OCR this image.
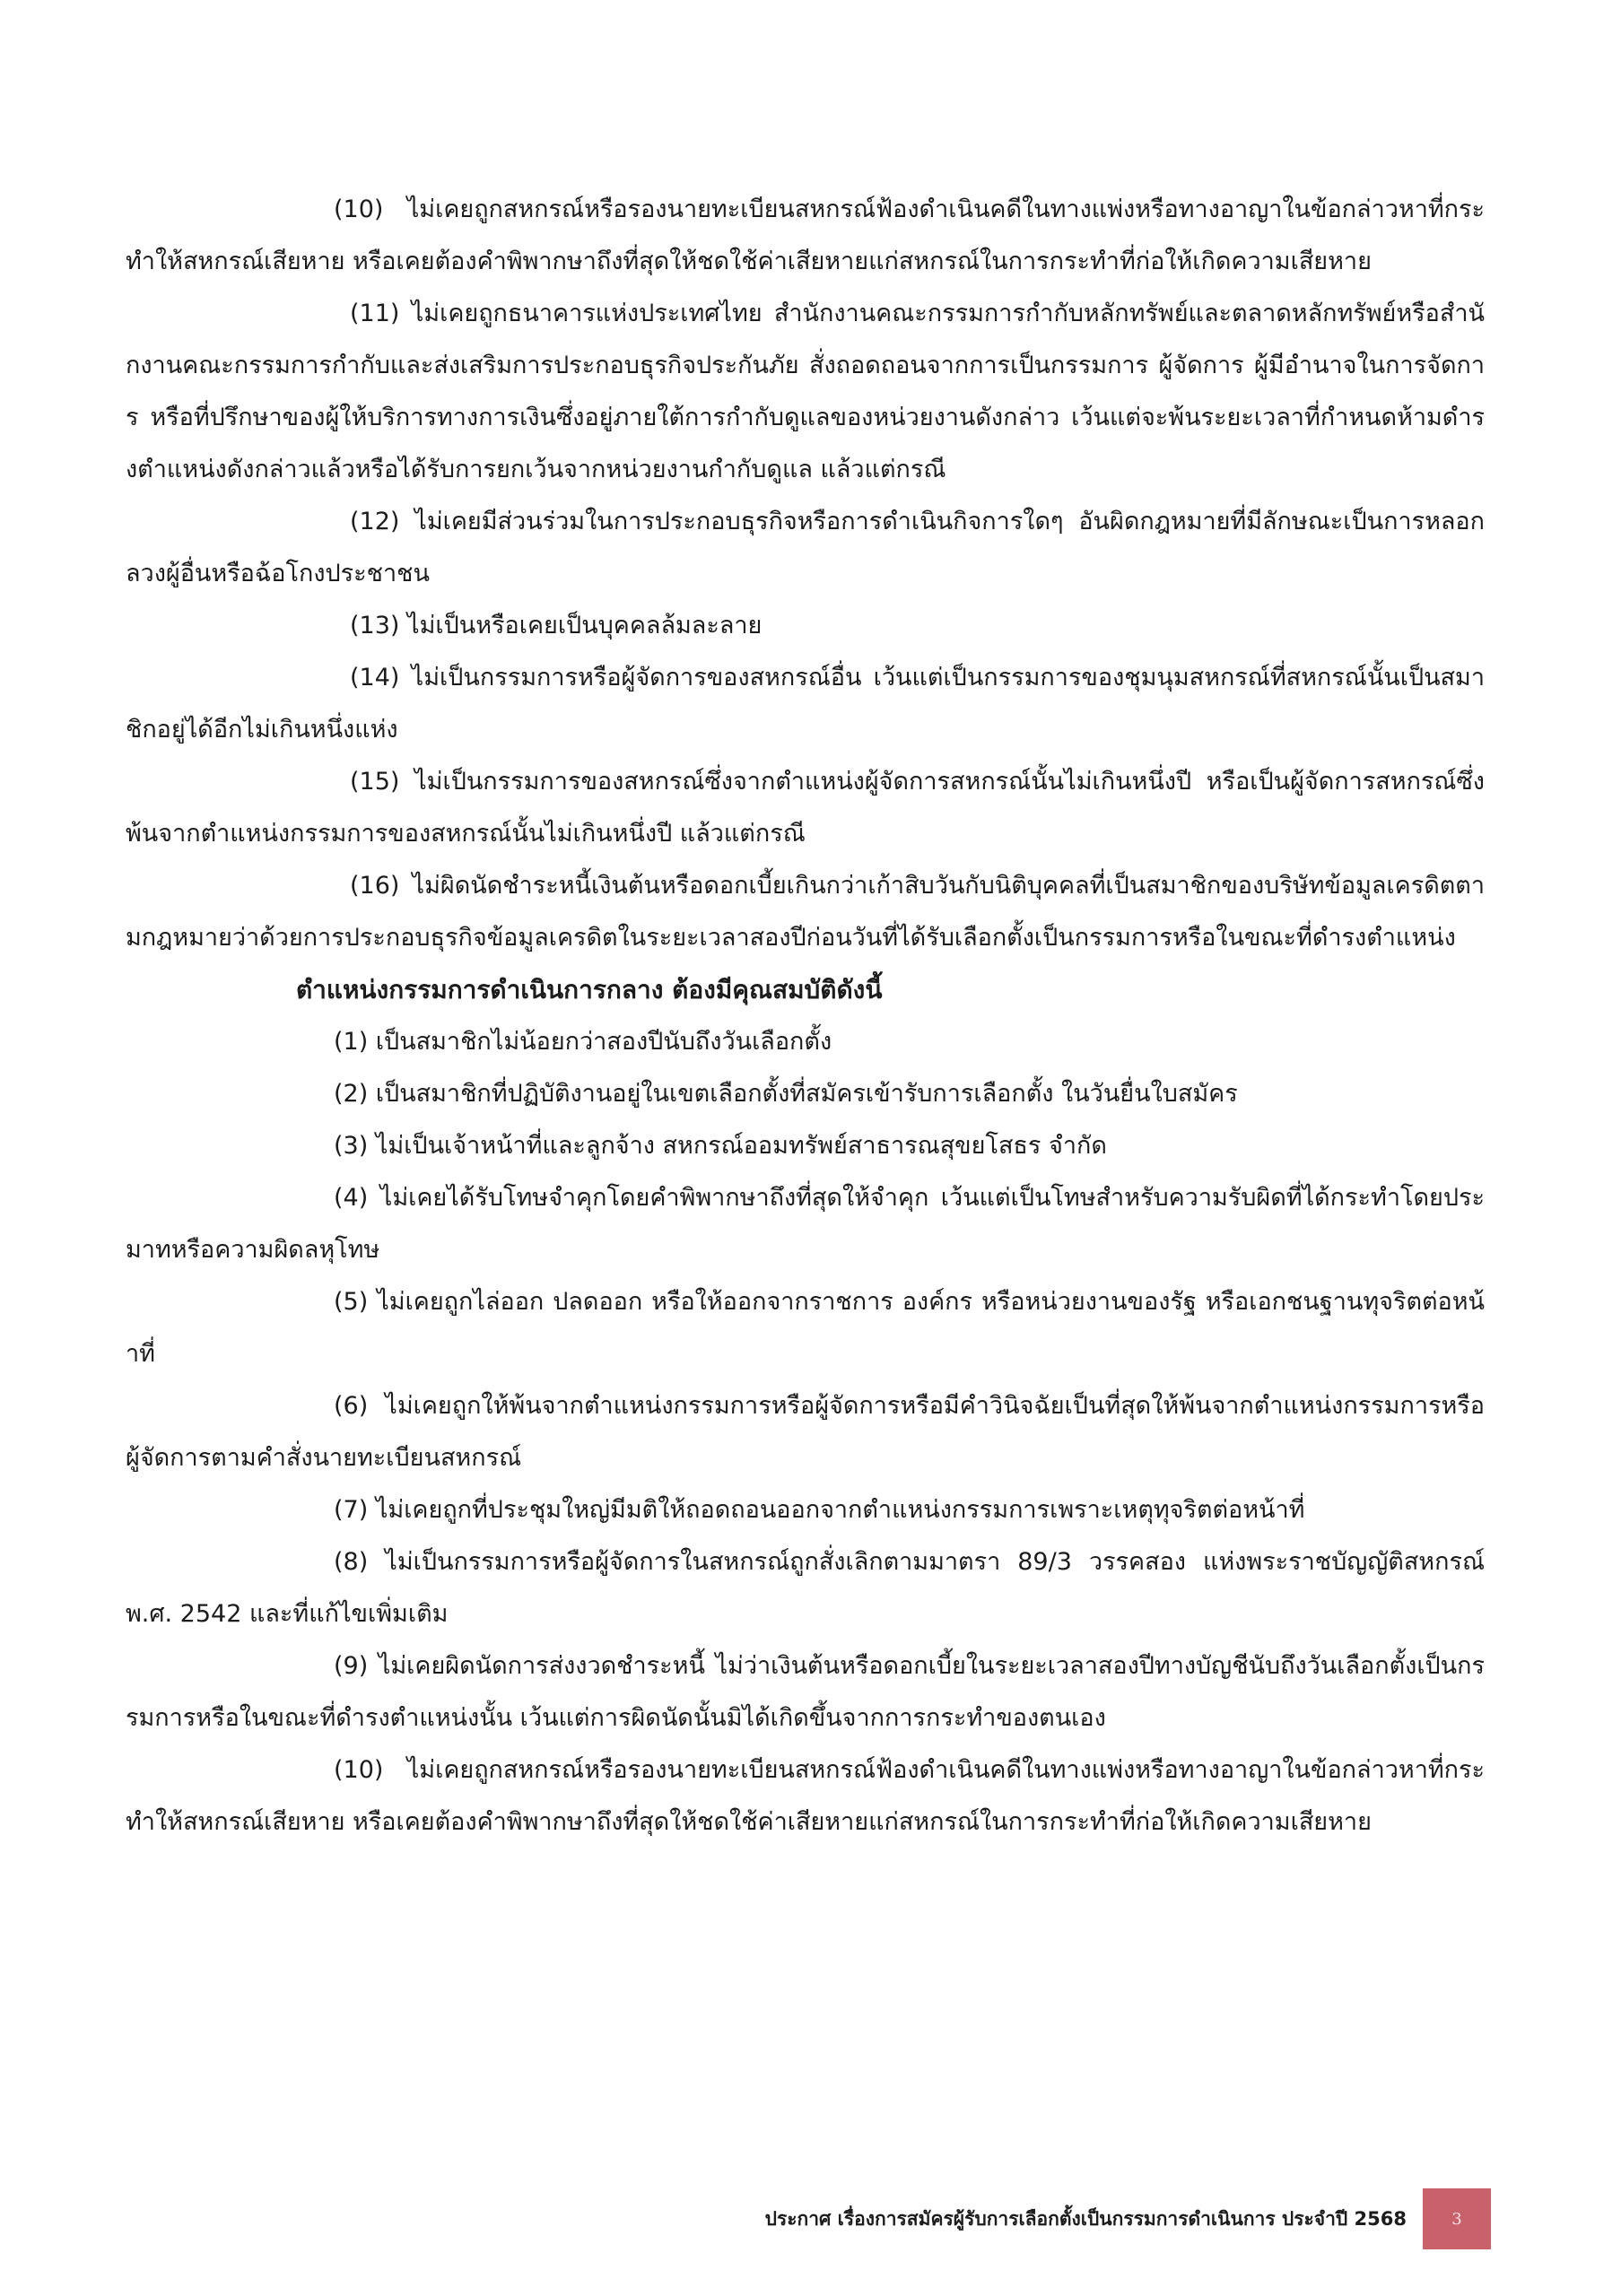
(10) ไม่เคยถูกสหกรณ์หรือรองนายทะเบียนสหกรณ์ฟ้องดำเนินคดีในทางแพ่งหรือทางอาญาในข้อกล่าวหาที่กระทำให้สหกรณ์เสียหาย หรือเคยต้องคำพิพากษาถึงที่สุดให้ชดใช้ค่าเสียหายแก่สหกรณ์ในการกระทำที่ก่อให้เกิดความเสียหาย

(11) ไม่เคยถูกธนาคารแห่งประเทศไทย สำนักงานคณะกรรมการกำกับหลักทรัพย์และตลาดหลักทรัพย์หรือสำนักงานคณะกรรมการกำกับและส่งเสริมการประกอบธุรกิจประกันภัย สั่งถอดถอนจากการเป็นกรรมการ ผู้จัดการ ผู้มีอำนาจในการจัดการ หรือที่ปรึกษาของผู้ให้บริการทางการเงินซึ่งอยู่ภายใต้การกำกับดูแลของหน่วยงานดังกล่าว เว้นแต่จะพ้นระยะเวลาที่กำหนดห้ามดำรงตำแหน่งดังกล่าวแล้วหรือได้รับการยกเว้นจากหน่วยงานกำกับดูแล แล้วแต่กรณี

(12) ไม่เคยมีส่วนร่วมในการประกอบธุรกิจหรือการดำเนินกิจการใดๆ อันผิดกฎหมายที่มีลักษณะเป็นการหลอกลวงผู้อื่นหรือฉ้อโกงประชาชน

(13) ไม่เป็นหรือเคยเป็นบุคคลล้มละลาย

(14) ไม่เป็นกรรมการหรือผู้จัดการของสหกรณ์อื่น เว้นแต่เป็นกรรมการของชุมนุมสหกรณ์ที่สหกรณ์นั้นเป็นสมาชิกอยู่ได้อีกไม่เกินหนึ่งแห่ง

(15) ไม่เป็นกรรมการของสหกรณ์ซึ่งจากตำแหน่งผู้จัดการสหกรณ์นั้นไม่เกินหนึ่งปี หรือเป็นผู้จัดการสหกรณ์ซึ่งพ้นจากตำแหน่งกรรมการของสหกรณ์นั้นไม่เกินหนึ่งปี แล้วแต่กรณี

(16) ไม่ผิดนัดชำระหนี้เงินต้นหรือดอกเบี้ยเกินกว่าเก้าสิบวันกับนิติบุคคลที่เป็นสมาชิกของบริษัทข้อมูลเครดิตตามกฎหมายว่าด้วยการประกอบธุรกิจข้อมูลเครดิตในระยะเวลาสองปีก่อนวันที่ได้รับเลือกตั้งเป็นกรรมการหรือในขณะที่ดำรงตำแหน่ง

ตำแหน่งกรรมการดำเนินการกลาง ต้องมีคุณสมบัติดังนี้

(1) เป็นสมาชิกไม่น้อยกว่าสองปีนับถึงวันเลือกตั้ง

(2) เป็นสมาชิกที่ปฏิบัติงานอยู่ในเขตเลือกตั้งที่สมัครเข้ารับการเลือกตั้ง ในวันยื่นใบสมัคร

(3) ไม่เป็นเจ้าหน้าที่และลูกจ้าง สหกรณ์ออมทรัพย์สาธารณสุขยโสธร จำกัด

(4) ไม่เคยได้รับโทษจำคุกโดยคำพิพากษาถึงที่สุดให้จำคุก เว้นแต่เป็นโทษสำหรับความรับผิดที่ได้กระทำโดยประมาทหรือความผิดลหุโทษ

(5) ไม่เคยถูกไล่ออก ปลดออก หรือให้ออกจากราชการ องค์กร หรือหน่วยงานของรัฐ หรือเอกชนฐานทุจริตต่อหน้าที่

(6) ไม่เคยถูกให้พ้นจากตำแหน่งกรรมการหรือผู้จัดการหรือมีคำวินิจฉัยเป็นที่สุดให้พ้นจากตำแหน่งกรรมการหรือผู้จัดการตามคำสั่งนายทะเบียนสหกรณ์

(7) ไม่เคยถูกที่ประชุมใหญ่มีมติให้ถอดถอนออกจากตำแหน่งกรรมการเพราะเหตุทุจริตต่อหน้าที่

(8) ไม่เป็นกรรมการหรือผู้จัดการในสหกรณ์ถูกสั่งเลิกตามมาตรา 89/3 วรรคสอง แห่งพระราชบัญญัติสหกรณ์ พ.ศ. 2542 และที่แก้ไขเพิ่มเติม

(9) ไม่เคยผิดนัดการส่งงวดชำระหนี้ ไม่ว่าเงินต้นหรือดอกเบี้ยในระยะเวลาสองปีทางบัญชีนับถึงวันเลือกตั้งเป็นกรรมการหรือในขณะที่ดำรงตำแหน่งนั้น เว้นแต่การผิดนัดนั้นมิได้เกิดขึ้นจากการกระทำของตนเอง

(10) ไม่เคยถูกสหกรณ์หรือรองนายทะเบียนสหกรณ์ฟ้องดำเนินคดีในทางแพ่งหรือทางอาญาในข้อกล่าวหาที่กระทำให้สหกรณ์เสียหาย หรือเคยต้องคำพิพากษาถึงที่สุดให้ชดใช้ค่าเสียหายแก่สหกรณ์ในการกระทำที่ก่อให้เกิดความเสียหาย

ประกาศ เรื่องการสมัครผู้รับการเลือกตั้งเป็นกรรมการดำเนินการ ประจำปี 2568	3
